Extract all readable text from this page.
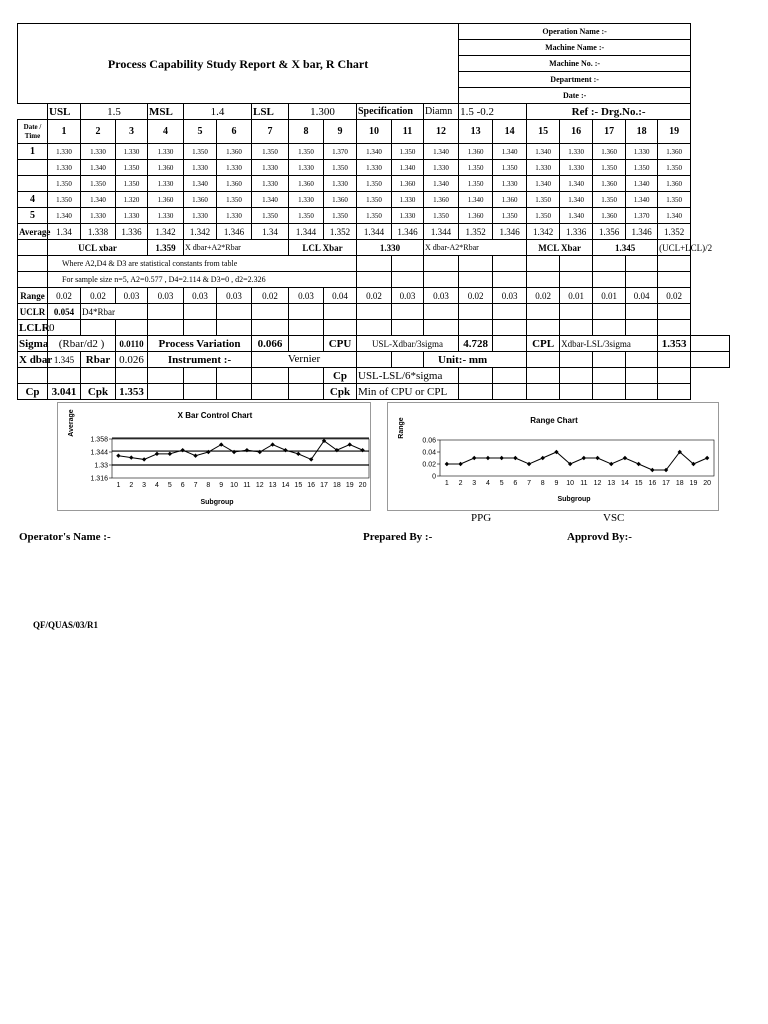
Process Capability Study Report & X bar, R Chart													Operation Name :-							
													Machine Name :-							
													Machine No. :-							
													Department :-							
													Date :-							
	USL	1.5		MSL	1.4		LSL	1.300		Specification		Diamn	1.5 -0.2		Ref :- Drg.No.:-					
Date / Time	1	2	3	4	5	6	7	8	9	10	11	12	13	14	15	16	17	18	19	
1	1.330	1.330	1.330	1.330	1.350	1.360	1.350	1.350	1.370	1.340	1.350	1.340	1.360	1.340	1.340	1.330	1.360	1.330	1.360	
	1.330	1.340	1.350	1.360	1.330	1.330	1.330	1.330	1.350	1.330	1.340	1.330	1.350	1.350	1.330	1.330	1.350	1.350	1.350	
	1.350	1.350	1.350	1.330	1.340	1.360	1.330	1.360	1.330	1.350	1.360	1.340	1.350	1.330	1.340	1.340	1.360	1.340	1.360	
4	1.350	1.340	1.320	1.360	1.360	1.350	1.340	1.330	1.360	1.350	1.330	1.360	1.340	1.360	1.350	1.340	1.350	1.340	1.350	
5	1.340	1.330	1.330	1.330	1.330	1.330	1.350	1.350	1.350	1.350	1.330	1.350	1.360	1.350	1.350	1.340	1.360	1.370	1.340	
Average	1.34	1.338	1.336	1.342	1.342	1.346	1.34	1.344	1.352	1.344	1.346	1.344	1.352	1.346	1.342	1.336	1.356	1.346	1.352	
	UCL xbar			1.359	X dbar+A2*Rbar			LCL Xbar		1.330		X dbar-A2*Rbar			MCL Xbar		1.345		(UCL+LCL)/2	
	Where A2,D4 & D3 are statistical constants from table																			
	For sample size n=5, A2=0.577 , D4=2.114 & D3=0 , d2=2.326																			
Range	0.02	0.02	0.03	0.03	0.03	0.03	0.02	0.03	0.04	0.02	0.03	0.03	0.02	0.03	0.02	0.01	0.01	0.04	0.02	
UCLR	0.054	D4*Rbar																		
LCLR	0																			
Sigma	(Rbar/d2 )		0.0110	Process Variation			0.066		CPU	USL-Xdbar/3sigma			4.728		CPL	Xdbar-LSL/3sigma			1.353		
X dbar	1.345	Rbar	0.026	Instrument :-			Vernier					Unit:- mm								
									Cp	USL-LSL/6*sigma										
Cp	3.041	Cpk	1.353						Cpk	Min of CPU or CPL										
X Bar Control Chart
Subgroup
Average
1.358
1.344
1.33
1.316
1 2 3 4 5 6 7 8 9 10 11 12 13 14 15 16 17 18 19 20
Range Chart
Subgroup
Range
0.06
0.04
0.02
0
1 2 3 4 5 6 7 8 9 10 11 12 13 14 15 16 17 18 19 20
PPG	VSC
Operator's Name :-	Prepared By :-	Approvd By:-
QF/QUAS/03/R1
